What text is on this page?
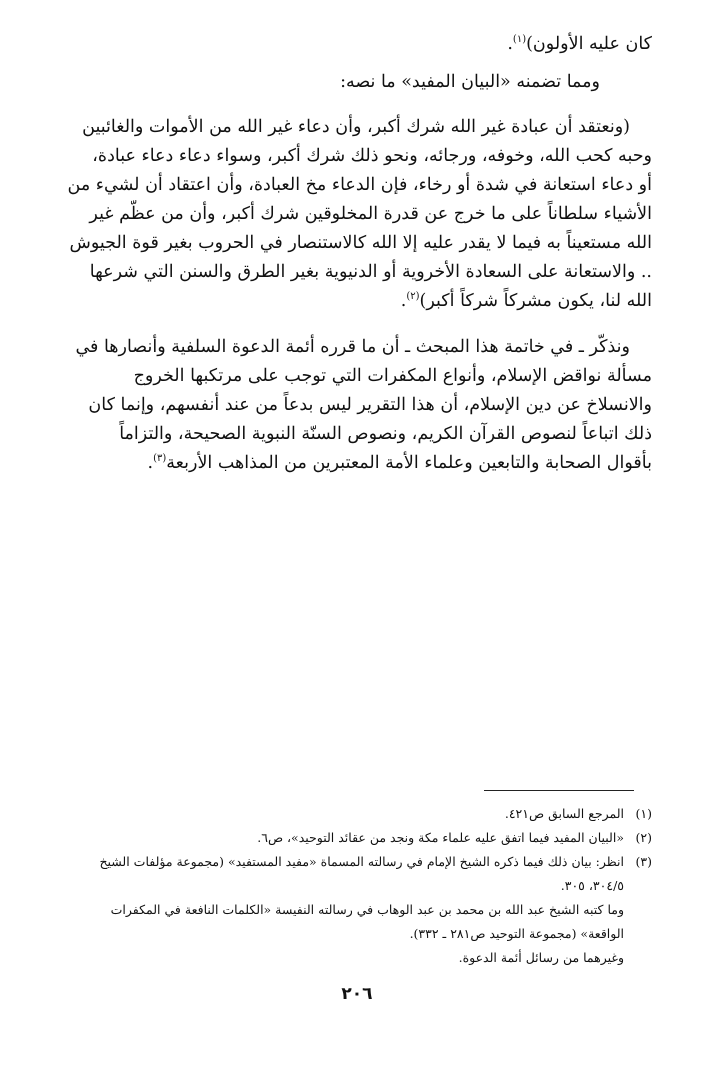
كان عليه الأولون)$^{(١)}$.

ومما تضمنه «البيان المفيد» ما نصه:

(ونعتقد أن عبادة غير الله شرك أكبر، وأن دعاء غير الله من الأموات والغائبين
وحبه كحب الله، وخوفه، ورجائه، ونحو ذلك شرك أكبر، وسواء دعاء دعاء عبادة،
أو دعاء استعانة في شدة أو رخاء، فإن الدعاء مخ العبادة، وأن اعتقاد أن لشيء من
الأشياء سلطاناً على ما خرج عن قدرة المخلوقين شرك أكبر، وأن من عظّم غير
الله مستعيناً به فيما لا يقدر عليه إلا الله كالاستنصار في الحروب بغير قوة الجيوش
.. والاستعانة على السعادة الأخروية أو الدنيوية بغير الطرق والسنن التي شرعها
الله لنا، يكون مشركاً شركاً أكبر)$^{(٢)}$.

ونذكّر ـ في خاتمة هذا المبحث ـ أن ما قرره أئمة الدعوة السلفية وأنصارها في
مسألة نواقض الإسلام، وأنواع المكفرات التي توجب على مرتكبها الخروج
والانسلاخ عن دين الإسلام، أن هذا التقرير ليس بدعاً من عند أنفسهم، وإنما كان
ذلك اتباعاً لنصوص القرآن الكريم، ونصوص السنّة النبوية الصحيحة، والتزاماً
بأقوال الصحابة والتابعين وعلماء الأمة المعتبرين من المذاهب الأربعة$^{(٣)}$.

(١)
المرجع السابق ص٤٢١.
(٢)
«البيان المفيد فيما اتفق عليه علماء مكة ونجد من عقائد التوحيد»، ص٦.
(٣)
انظر: بيان ذلك فيما ذكره الشيخ الإمام في رسالته المسماة «مفيد المستفيد» (مجموعة مؤلفات الشيخ
٣٠٤/٥، ٣٠٥.
وما كتبه الشيخ عبد الله بن محمد بن عبد الوهاب في رسالته النفيسة «الكلمات النافعة في المكفرات
الواقعة» (مجموعة التوحيد ص٢٨١ ـ ٣٣٢).
وغيرهما من رسائل أئمة الدعوة.
٢٠٦
